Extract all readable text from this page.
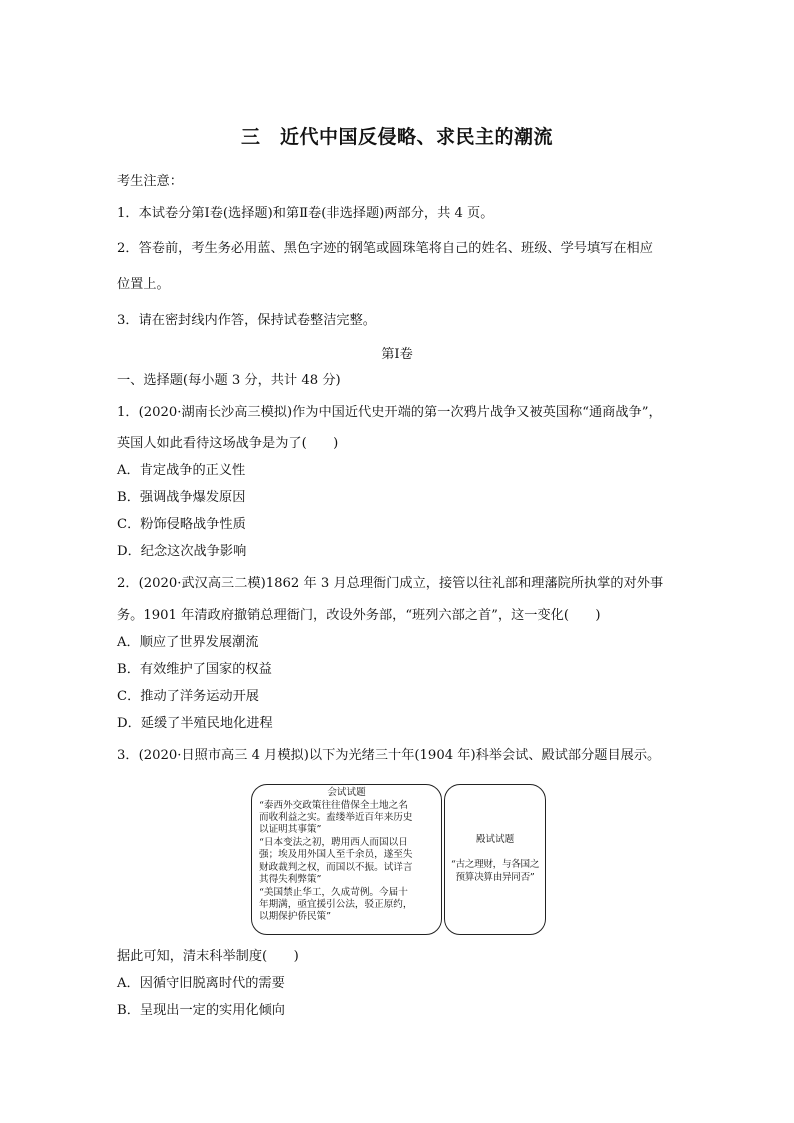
三　近代中国反侵略、求民主的潮流
考生注意：
1．本试卷分第Ⅰ卷(选择题)和第Ⅱ卷(非选择题)两部分，共 4 页。
2．答卷前，考生务必用蓝、黑色字迹的钢笔或圆珠笔将自己的姓名、班级、学号填写在相应
位置上。
3．请在密封线内作答，保持试卷整洁完整。
第Ⅰ卷
一、选择题(每小题 3 分，共计 48 分)
1．(2020·湖南长沙高三模拟)作为中国近代史开端的第一次鸦片战争又被英国称“通商战争”，
英国人如此看待这场战争是为了(　　)
A．肯定战争的正义性
B．强调战争爆发原因
C．粉饰侵略战争性质
D．纪念这次战争影响
2．(2020·武汉高三二模)1862 年 3 月总理衙门成立，接管以往礼部和理藩院所执掌的对外事
务。1901 年清政府撤销总理衙门，改设外务部，“班列六部之首”，这一变化(　　)
A．顺应了世界发展潮流
B．有效维护了国家的权益
C．推动了洋务运动开展
D．延缓了半殖民地化进程
3．(2020·日照市高三 4 月模拟)以下为光绪三十年(1904 年)科举会试、殿试部分题目展示。
会试试题
“泰西外交政策往往借保全土地之名
而收利益之实。盍缕举近百年来历史
以证明其事策”
“日本变法之初，聘用西人而国以日
强；埃及用外国人至千余员，遂至失
财政裁判之权，而国以不振。试详言
其得失利弊策”
“美国禁止华工，久成苛例。今届十
年期满，亟宜援引公法，驳正原约，
以期保护侨民策”
殿试试题
“古之理财，与各国之
预算决算由异同否”
据此可知，清末科举制度(　　)
A．因循守旧脱离时代的需要
B．呈现出一定的实用化倾向
